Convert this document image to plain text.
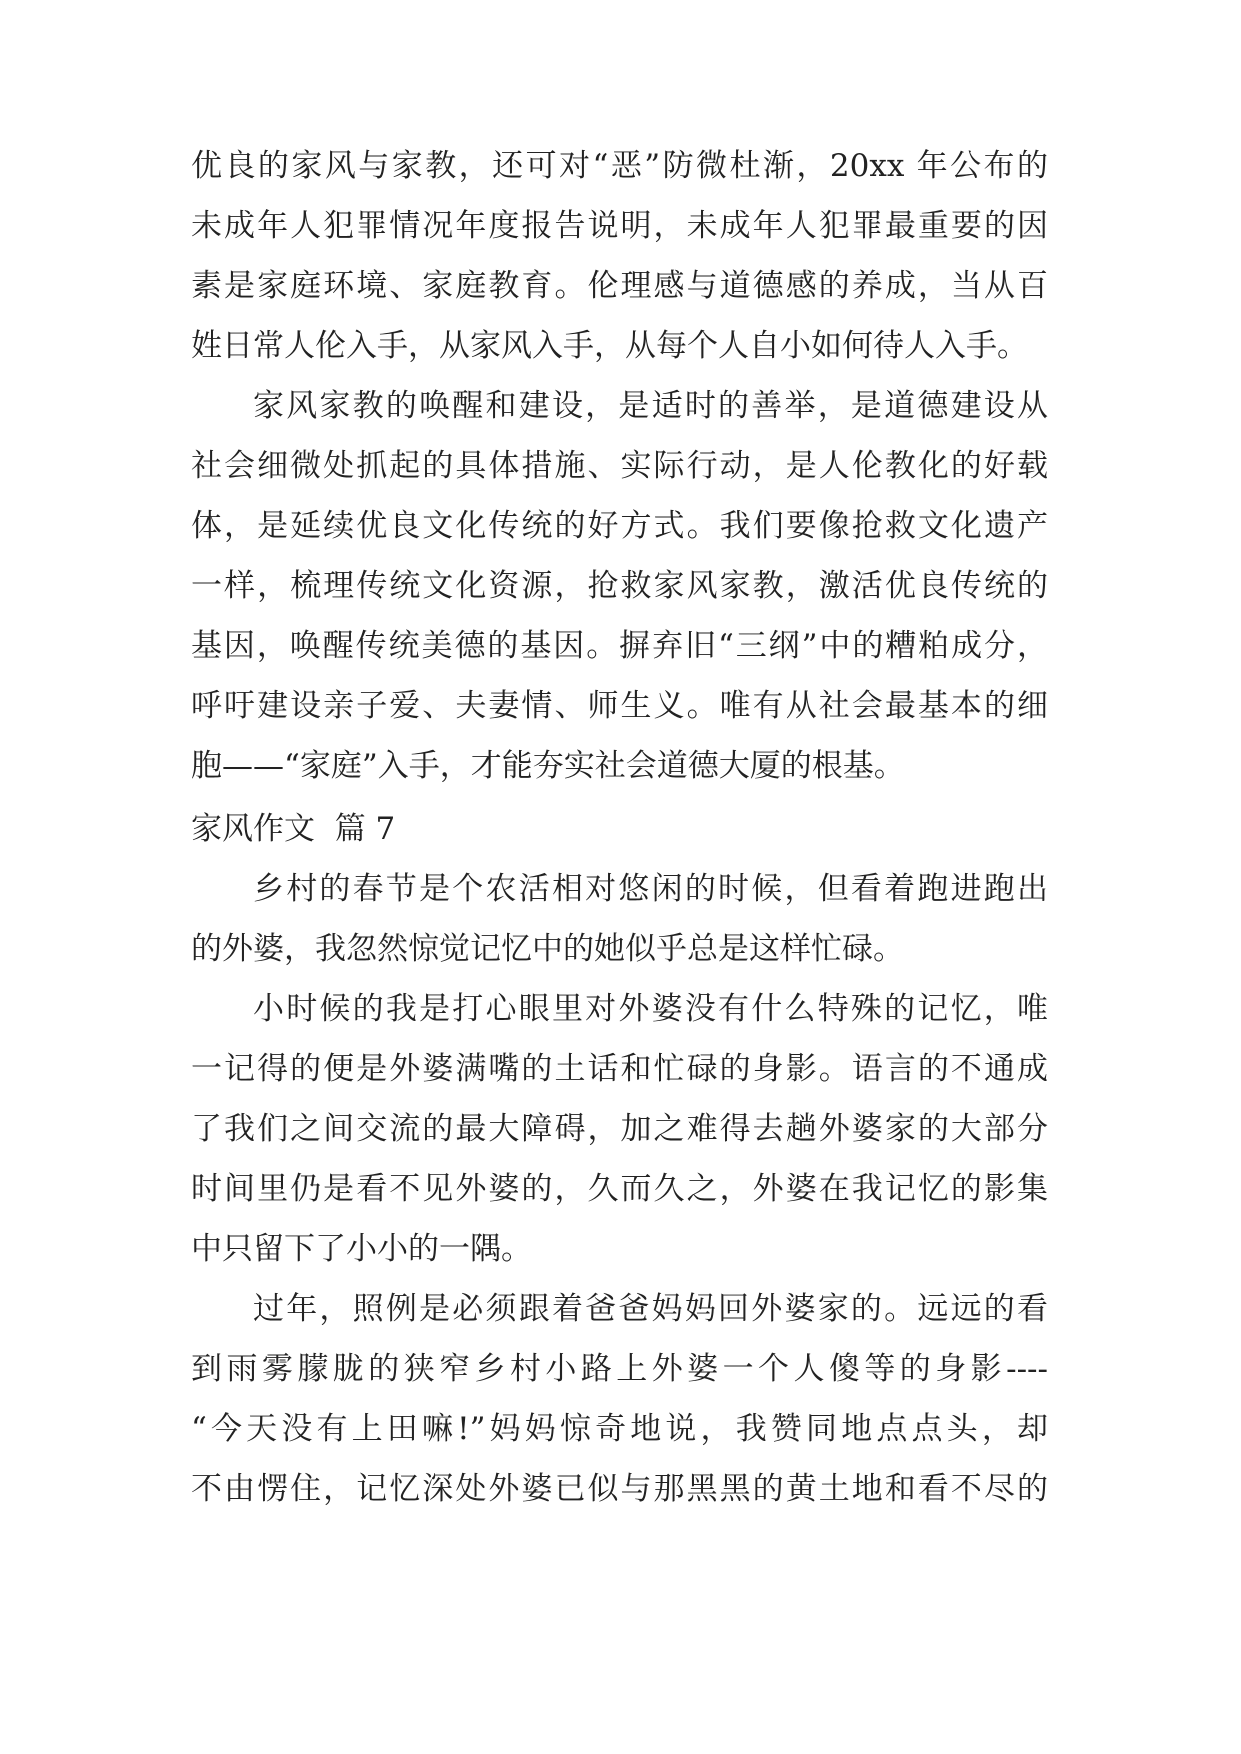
优良的家风与家教，还可对“恶”防微杜渐，20xx 年公布的

未成年人犯罪情况年度报告说明，未成年人犯罪最重要的因

素是家庭环境、家庭教育。伦理感与道德感的养成，当从百

姓日常人伦入手，从家风入手，从每个人自小如何待人入手。

家风家教的唤醒和建设，是适时的善举，是道德建设从

社会细微处抓起的具体措施、实际行动，是人伦教化的好载

体，是延续优良文化传统的好方式。我们要像抢救文化遗产

一样，梳理传统文化资源，抢救家风家教，激活优良传统的

基因，唤醒传统美德的基因。摒弃旧“三纲”中的糟粕成分，

呼吁建设亲子爱、夫妻情、师生义。唯有从社会最基本的细

胞——“家庭”入手，才能夯实社会道德大厦的根基。

家风作文  篇 7

乡村的春节是个农活相对悠闲的时候，但看着跑进跑出

的外婆，我忽然惊觉记忆中的她似乎总是这样忙碌。

小时候的我是打心眼里对外婆没有什么特殊的记忆，唯

一记得的便是外婆满嘴的土话和忙碌的身影。语言的不通成

了我们之间交流的最大障碍，加之难得去趟外婆家的大部分

时间里仍是看不见外婆的，久而久之，外婆在我记忆的影集

中只留下了小小的一隅。

过年，照例是必须跟着爸爸妈妈回外婆家的。远远的看

到雨雾朦胧的狭窄乡村小路上外婆一个人傻等的身影----

“今天没有上田嘛!”妈妈惊奇地说，我赞同地点点头，却

不由愣住，记忆深处外婆已似与那黑黑的黄土地和看不尽的
